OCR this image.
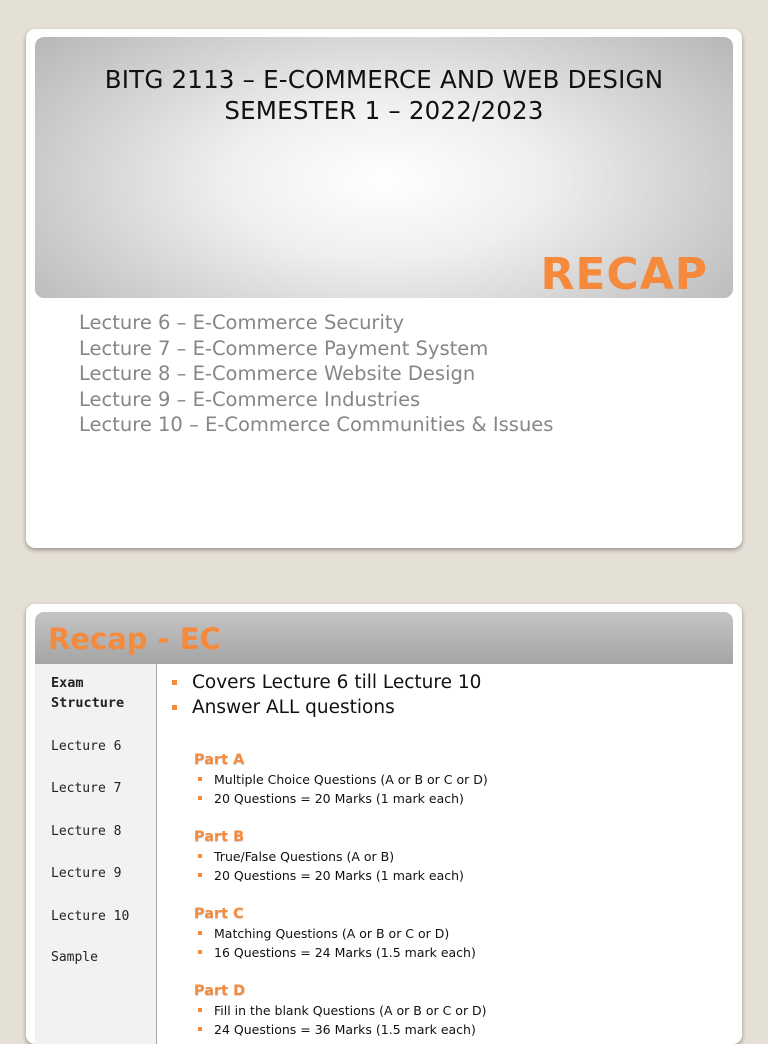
BITG 2113 – E-COMMERCE AND WEB DESIGN
SEMESTER 1 – 2022/2023
RECAP
Lecture 6 – E-Commerce Security
Lecture 7 – E-Commerce Payment System
Lecture 8 – E-Commerce Website Design
Lecture 9 – E-Commerce Industries
Lecture 10 – E-Commerce Communities & Issues
Recap - EC
Exam
Structure
Lecture 6
Lecture 7
Lecture 8
Lecture 9
Lecture 10
Sample
Covers Lecture 6 till Lecture 10
Answer ALL questions
Part A
Multiple Choice Questions (A or B or C or D)
20 Questions = 20 Marks (1 mark each)
Part B
True/False Questions (A or B)
20 Questions = 20 Marks (1 mark each)
Part C
Matching Questions (A or B or C or D)
16 Questions = 24 Marks (1.5 mark each)
Part D
Fill in the blank Questions (A or B or C or D)
24 Questions = 36 Marks (1.5 mark each)
